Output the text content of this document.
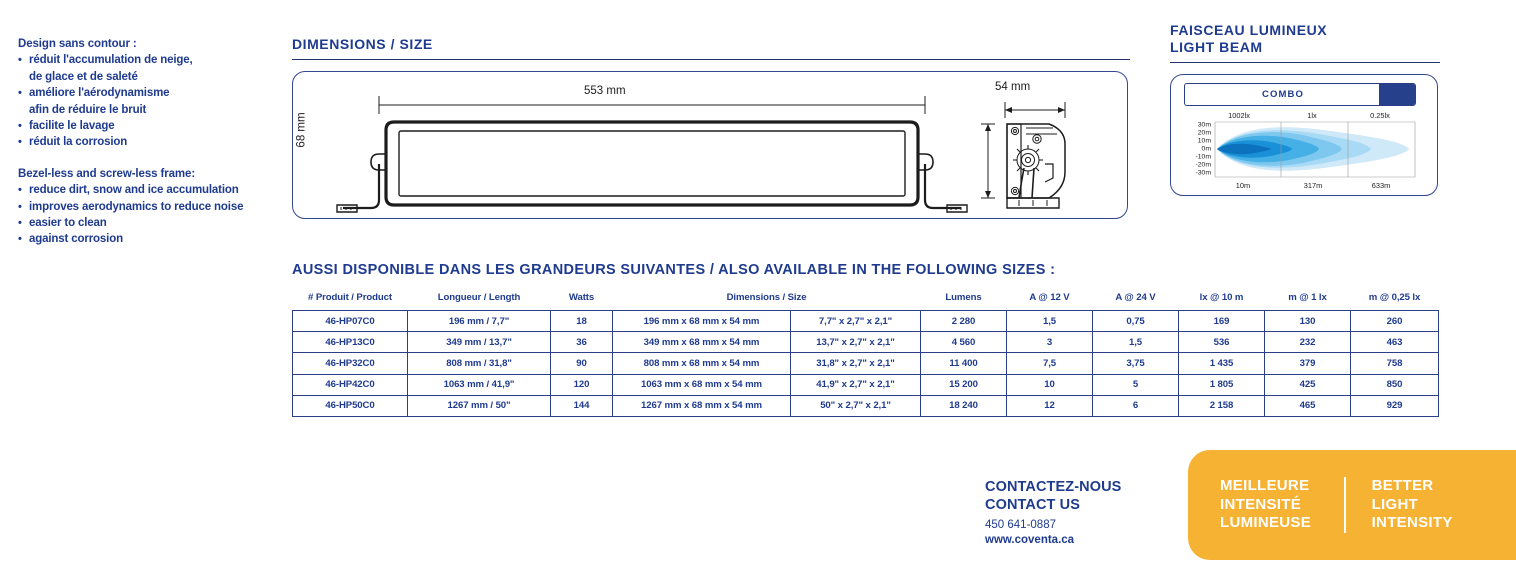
Design sans contour :
• réduit l'accumulation de neige,
de glace et de saleté
• améliore l'aérodynamisme
afin de réduire le bruit
• facilite le lavage
• réduit la corrosion
Bezel-less and screw-less frame:
• reduce dirt, snow and ice accumulation
• improves aerodynamics to reduce noise
• easier to clean
• against corrosion
DIMENSIONS / SIZE
553 mm	54 mm
68 mm
FAISCEAU LUMINEUX
LIGHT BEAM
COMBO
1002lx	1lx	0.25lx
30m
20m
10m
0m
-10m
-20m
-30m
10m	317m	633m
AUSSI DISPONIBLE DANS LES GRANDEURS SUIVANTES / ALSO AVAILABLE IN THE FOLLOWING SIZES :
# Produit / Product	Longueur / Length	Watts	Dimensions / Size		Lumens	A @ 12 V	A @ 24 V	lx @ 10 m	m @ 1 lx	m @ 0,25 lx
46-HP07C0	196 mm / 7,7"	18	196 mm x 68 mm x 54 mm	7,7" x 2,7" x 2,1"	2 280	1,5	0,75	169	130	260
46-HP13C0	349 mm / 13,7"	36	349 mm x 68 mm x 54 mm	13,7" x 2,7" x 2,1"	4 560	3	1,5	536	232	463
46-HP32C0	808 mm / 31,8"	90	808 mm x 68 mm x 54 mm	31,8" x 2,7" x 2,1"	11 400	7,5	3,75	1 435	379	758
46-HP42C0	1063 mm / 41,9"	120	1063 mm x 68 mm x 54 mm	41,9" x 2,7" x 2,1"	15 200	10	5	1 805	425	850
46-HP50C0	1267 mm / 50"	144	1267 mm x 68 mm x 54 mm	50" x 2,7" x 2,1"	18 240	12	6	2 158	465	929
CONTACTEZ-NOUS
CONTACT US
450 641-0887
www.coventa.ca
MEILLEURE
INTENSITÉ
LUMINEUSE
BETTER
LIGHT
INTENSITY
